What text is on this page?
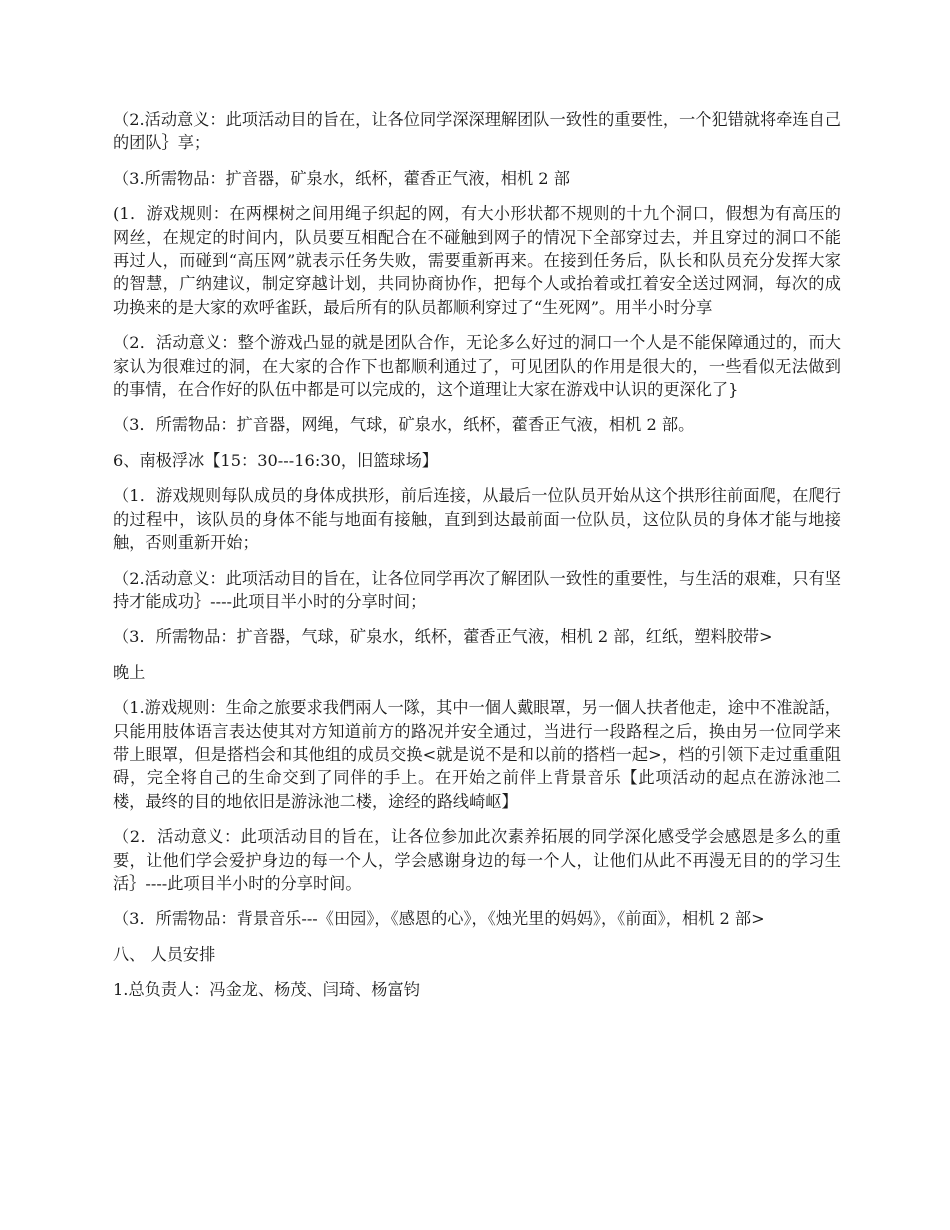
（2.活动意义：此项活动目的旨在，让各位同学深深理解团队一致性的重要性，一个犯错就将牵连自己的团队｝享；

（3.所需物品：扩音器，矿泉水，纸杯，藿香正气液，相机 2 部

(1．游戏规则：在两棵树之间用绳子织起的网，有大小形状都不规则的十九个洞口，假想为有高压的网丝，在规定的时间内，队员要互相配合在不碰触到网子的情况下全部穿过去，并且穿过的洞口不能再过人，而碰到“高压网”就表示任务失败，需要重新再来。在接到任务后，队长和队员充分发挥大家的智慧，广纳建议，制定穿越计划，共同协商协作，把每个人或抬着或扛着安全送过网洞，每次的成功换来的是大家的欢呼雀跃，最后所有的队员都顺利穿过了“生死网”。用半小时分享

（2．活动意义：整个游戏凸显的就是团队合作，无论多么好过的洞口一个人是不能保障通过的，而大家认为很难过的洞，在大家的合作下也都顺利通过了，可见团队的作用是很大的，一些看似无法做到的事情，在合作好的队伍中都是可以完成的，这个道理让大家在游戏中认识的更深化了}

（3．所需物品：扩音器，网绳，气球，矿泉水，纸杯，藿香正气液，相机 2 部。

6、南极浮冰【15：30---16:30，旧篮球场】

（1．游戏规则每队成员的身体成拱形，前后连接，从最后一位队员开始从这个拱形往前面爬，在爬行的过程中，该队员的身体不能与地面有接触，直到到达最前面一位队员，这位队员的身体才能与地接触，否则重新开始；

（2.活动意义：此项活动目的旨在，让各位同学再次了解团队一致性的重要性，与生活的艰难，只有坚持才能成功｝----此项目半小时的分享时间；

（3．所需物品：扩音器，气球，矿泉水，纸杯，藿香正气液，相机 2 部，红纸，塑料胶带>

晚上

（1.游戏规则：生命之旅要求我們兩人一隊，其中一個人戴眼罩，另一個人扶者他走，途中不准說話，只能用肢体语言表达使其对方知道前方的路况并安全通过，当进行一段路程之后，换由另一位同学来带上眼罩，但是搭档会和其他组的成员交换<就是说不是和以前的搭档一起>，档的引领下走过重重阻碍，完全将自己的生命交到了同伴的手上。在开始之前伴上背景音乐【此项活动的起点在游泳池二楼，最终的目的地依旧是游泳池二楼，途经的路线崎岖】

（2．活动意义：此项活动目的旨在，让各位参加此次素养拓展的同学深化感受学会感恩是多么的重要，让他们学会爱护身边的每一个人，学会感谢身边的每一个人，让他们从此不再漫无目的的学习生活｝----此项目半小时的分享时间。

（3．所需物品：背景音乐---《田园》，《感恩的心》，《烛光里的妈妈》，《前面》，相机 2 部>

八、 人员安排

1.总负责人：冯金龙、杨茂、闫琦、杨富钧
